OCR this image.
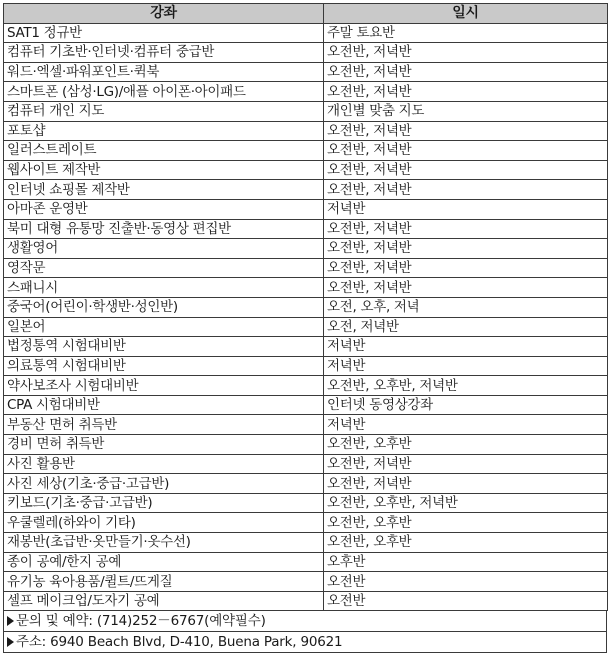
강좌	일시
SAT1 정규반	주말 토요반
컴퓨터 기초반·인터넷·컴퓨터 중급반	오전반, 저녁반
워드·엑셀·파워포인트·퀵북	오전반, 저녁반
스마트폰 (삼성·LG)/애플 아이폰·아이패드	오전반, 저녁반
컴퓨터 개인 지도	개인별 맞춤 지도
포토샵	오전반, 저녁반
일러스트레이트	오전반, 저녁반
웹사이트 제작반	오전반, 저녁반
인터넷 쇼핑몰 제작반	오전반, 저녁반
아마존 운영반	저녁반
북미 대형 유통망 진출반·동영상 편집반	오전반, 저녁반
생활영어	오전반, 저녁반
영작문	오전반, 저녁반
스패니시	오전반, 저녁반
중국어(어린이·학생반·성인반)	오전, 오후, 저녁
일본어	오전, 저녁반
법정통역 시험대비반	저녁반
의료통역 시험대비반	저녁반
약사보조사 시험대비반	오전반, 오후반, 저녁반
CPA 시험대비반	인터넷 동영상강좌
부동산 면허 취득반	저녁반
경비 면허 취득반	오전반, 오후반
사진 활용반	오전반, 저녁반
사진 세상(기초·중급·고급반)	오전반, 저녁반
키보드(기초·중급·고급반)	오전반, 오후반, 저녁반
우쿨렐레(하와이 기타)	오전반, 오후반
재봉반(초급반·옷만들기·옷수선)	오전반, 오후반
종이 공예/한지 공예	오후반
유기농 육아용품/퀼트/뜨게질	오전반
셀프 메이크업/도자기 공예	오전반
문의 및 예약: (714)252－6767(예약필수)
주소: 6940 Beach Blvd, D-410, Buena Park, 90621
